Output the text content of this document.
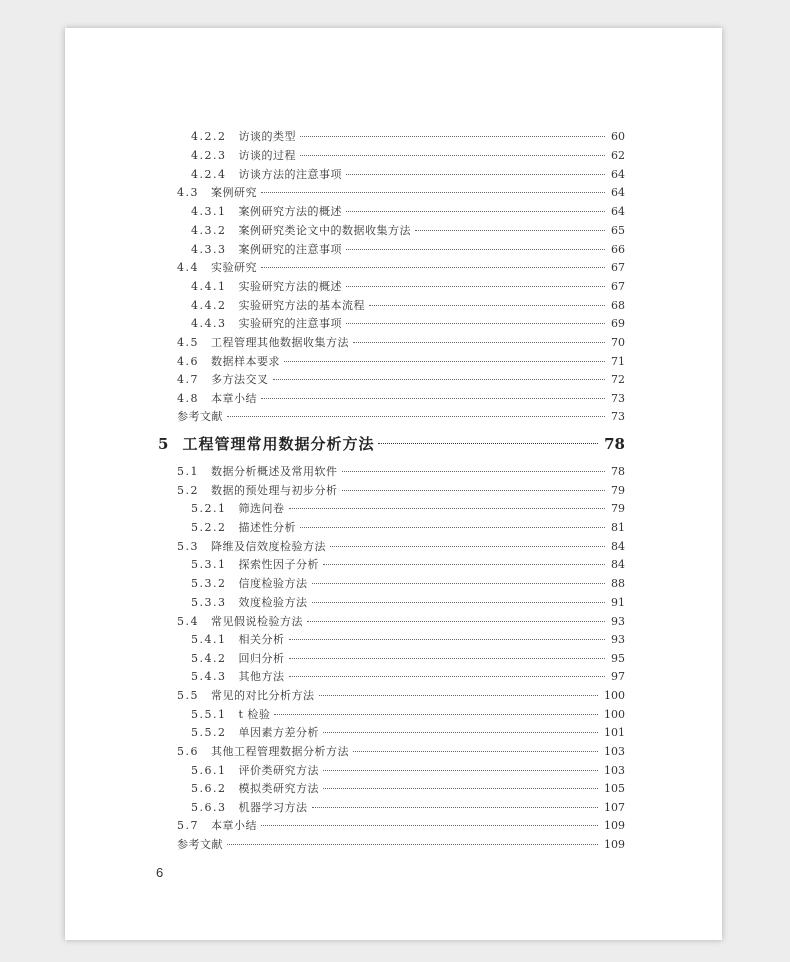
4.2.2 访谈的类型	60
4.2.3 访谈的过程	62
4.2.4 访谈方法的注意事项	64
4.3 案例研究	64
4.3.1 案例研究方法的概述	64
4.3.2 案例研究类论文中的数据收集方法	65
4.3.3 案例研究的注意事项	66
4.4 实验研究	67
4.4.1 实验研究方法的概述	67
4.4.2 实验研究方法的基本流程	68
4.4.3 实验研究的注意事项	69
4.5 工程管理其他数据收集方法	70
4.6 数据样本要求	71
4.7 多方法交叉	72
4.8 本章小结	73
参考文献	73
5 工程管理常用数据分析方法	78
5.1 数据分析概述及常用软件	78
5.2 数据的预处理与初步分析	79
5.2.1 筛选问卷	79
5.2.2 描述性分析	81
5.3 降维及信效度检验方法	84
5.3.1 探索性因子分析	84
5.3.2 信度检验方法	88
5.3.3 效度检验方法	91
5.4 常见假说检验方法	93
5.4.1 相关分析	93
5.4.2 回归分析	95
5.4.3 其他方法	97
5.5 常见的对比分析方法	100
5.5.1 t 检验	100
5.5.2 单因素方差分析	101
5.6 其他工程管理数据分析方法	103
5.6.1 评价类研究方法	103
5.6.2 模拟类研究方法	105
5.6.3 机器学习方法	107
5.7 本章小结	109
参考文献	109
6
